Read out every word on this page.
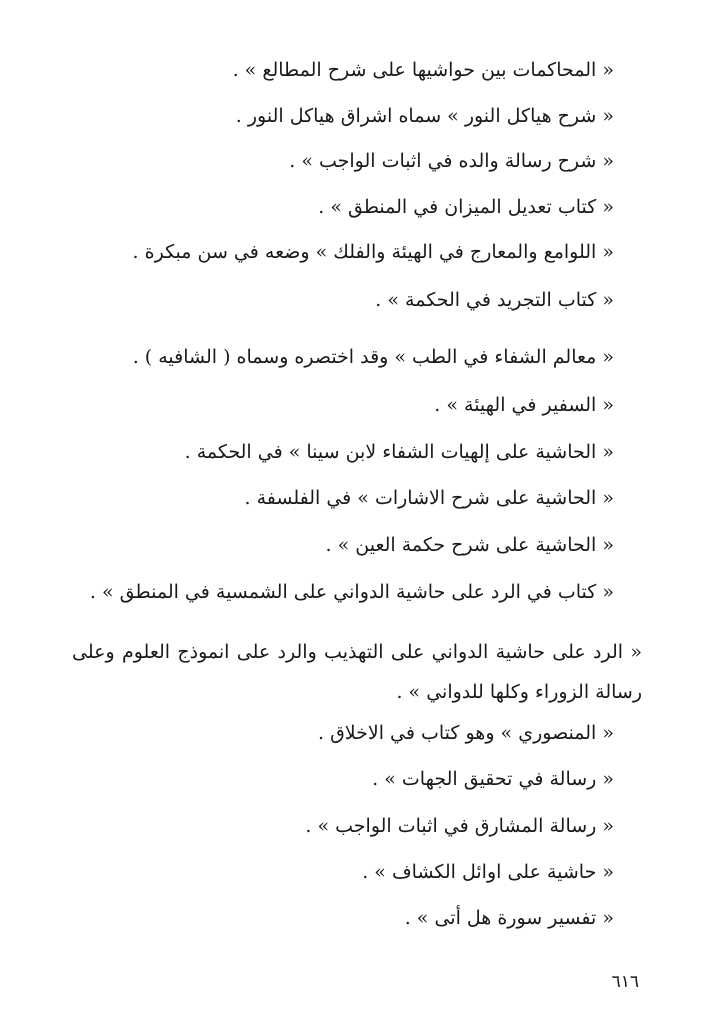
« المحاكمات بين حواشيها على شرح المطالع » .
« شرح هياكل النور » سماه اشراق هياكل النور .
« شرح رسالة والده في اثبات الواجب » .
« كتاب تعديل الميزان في المنطق » .
« اللوامع والمعارج في الهيئة والفلك » وضعه في سن مبكرة .
« كتاب التجريد في الحكمة » .
« معالم الشفاء في الطب » وقد اختصره وسماه ( الشافيه ) .
« السفير في الهيئة » .
« الحاشية على إلهيات الشفاء لابن سينا » في الحكمة .
« الحاشية على شرح الاشارات » في الفلسفة .
« الحاشية على شرح حكمة العين » .
« كتاب في الرد على حاشية الدواني على الشمسية في المنطق » .
« الرد على حاشية الدواني على التهذيب والرد على انموذج العلوم وعلى رسالة الزوراء وكلها للدواني » .
« المنصوري » وهو كتاب في الاخلاق .
« رسالة في تحقيق الجهات » .
« رسالة المشارق في اثبات الواجب » .
« حاشية على اوائل الكشاف » .
« تفسير سورة هل أتى » .
٦١٦
